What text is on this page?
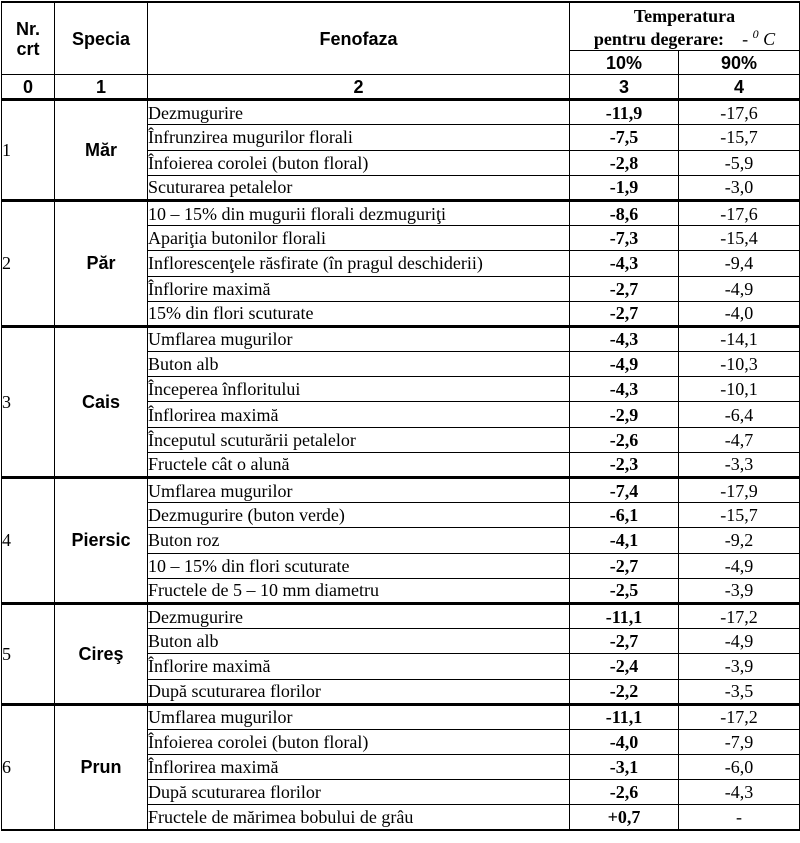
Nr.
crt	Specia	Fenofaza	Temperatura
pentru degerare: - $^0$ C	
			10%	90%
0	1	2	3	4
1	Măr	Dezmugurire	-11,9	-17,6
		Înfrunzirea mugurilor florali	-7,5	-15,7
		Înfoierea corolei (buton floral)	-2,8	-5,9
		Scuturarea petalelor	-1,9	-3,0
2	Păr	10 – 15% din mugurii florali dezmuguriţi	-8,6	-17,6
		Apariţia butonilor florali	-7,3	-15,4
		Inflorescenţele răsfirate (în pragul deschiderii)	-4,3	-9,4
		Înflorire maximă	-2,7	-4,9
		15% din flori scuturate	-2,7	-4,0
3	Cais	Umflarea mugurilor	-4,3	-14,1
		Buton alb	-4,9	-10,3
		Începerea înfloritului	-4,3	-10,1
		Înflorirea maximă	-2,9	-6,4
		Începutul scuturării petalelor	-2,6	-4,7
		Fructele cât o alună	-2,3	-3,3
4	Piersic	Umflarea mugurilor	-7,4	-17,9
		Dezmugurire (buton verde)	-6,1	-15,7
		Buton roz	-4,1	-9,2
		10 – 15% din flori scuturate	-2,7	-4,9
		Fructele de 5 – 10 mm diametru	-2,5	-3,9
5	Cireş	Dezmugurire	-11,1	-17,2
		Buton alb	-2,7	-4,9
		Înflorire maximă	-2,4	-3,9
		După scuturarea florilor	-2,2	-3,5
6	Prun	Umflarea mugurilor	-11,1	-17,2
		Înfoierea corolei (buton floral)	-4,0	-7,9
		Înflorirea maximă	-3,1	-6,0
		După scuturarea florilor	-2,6	-4,3
		Fructele de mărimea bobului de grâu	+0,7	-
